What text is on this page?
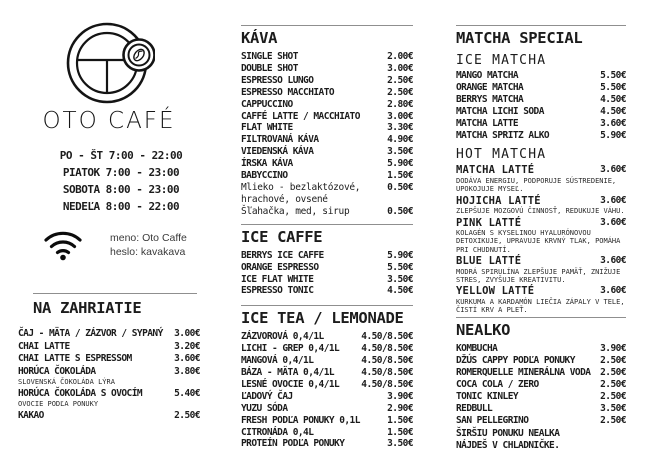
OTO CAFÉ
PO - ŠT 7:00 - 22:00
PIATOK 7:00 - 23:00
SOBOTA 8:00 - 23:00
NEDEĽA 8:00 - 22:00
meno: Oto Caffe
heslo: kavakava
NA ZAHRIATIE
ČAJ - MÄTA / ZÁZVOR / SYPANÝ	3.00€
CHAI LATTE	3.20€
CHAI LATTE S ESPRESSOM	3.60€
HORÚCA ČOKOLÁDA	3.80€
SLOVENSKÁ ČOKOLÁDA LÝRA
HORÚCA ČOKOLÁDA S OVOCÍM	5.40€
OVOCIE PODĽA PONUKY
KAKAO	2.50€
KÁVA
SINGLE SHOT	2.00€
DOUBLE SHOT	3.00€
ESPRESSO LUNGO	2.50€
ESPRESSO MACCHIATO	2.50€
CAPPUCCINO	2.80€
CAFFÉ LATTE / MACCHIATO	3.00€
FLAT WHITE	3.30€
FILTROVANÁ KÁVA	4.90€
VIEDENSKÁ KÁVA	3.50€
ÍRSKA KÁVA	5.90€
BABYCCINO	1.50€
Mlieko - bezlaktózové, hrachové, ovsené
0.50€
Šľahačka, med, sirup	0.50€
ICE CAFFE
BERRYS ICE CAFFE	5.90€
ORANGE ESPRESSO	5.50€
ICE FLAT WHITE	3.50€
ESPRESSO TONIC	4.50€
ICE TEA / LEMONADE
ZÁZVOROVÁ 0,4/1L	4.50/8.50€
LICHI - GREP 0,4/1L	4.50/8.50€
MANGOVÁ 0,4/1L	4.50/8.50€
BÁZA - MÄTA 0,4/1L	4.50/8.50€
LESNÉ OVOCIE 0,4/1L	4.50/8.50€
ĽADOVÝ ČAJ	3.90€
YUZU SÓDA	2.90€
FRESH PODĽA PONUKY 0,1L	1.50€
CITRONÁDA 0,4L	1.50€
PROTEÍN PODĽA PONUKY	3.50€
MATCHA SPECIAL
ICE MATCHA
MANGO MATCHA	5.50€
ORANGE MATCHA	5.50€
BERRYS MATCHA	4.50€
MATCHA LICHI SODA	4.50€
MATCHA LATTE	3.60€
MATCHA SPRITZ ALKO	5.90€
HOT MATCHA
MATCHA LATTÉ	3.60€
DODÁVA ENERGIU, PODPORUJE SÚSTREDENIE, UPOKOJUJE MYSEĽ.
HOJICHA LATTÉ	3.60€
ZLEPŠUJE MOZGOVÚ ČINNOSŤ, REDUKUJE VÁHU.
PINK LATTÉ	3.60€
KOLAGÉN S KYSELINOU HYALURÓNOVOU DETOXIKUJE, UPRAVUJE KRVNÝ TLAK, POMÁHA PRI CHUDNUTÍ.
BLUE LATTÉ	3.60€
MODRÁ SPIRULÍNA ZLEPŠUJE PAMÄŤ, ZNIŽUJE STRES, ZVYŠUJE KREATIVITU.
YELLOW LATTÉ	3.60€
KURKUMA A KARDAMÓN LIEČIA ZÁPALY V TELE, ČISTÍ KRV A PLEŤ.
NEALKO
KOMBUCHA	3.90€
DŽÚS CAPPY PODĽA PONUKY	2.50€
ROMERQUELLE MINERÁLNA VODA	2.50€
COCA COLA / ZERO	2.50€
TONIC KINLEY	2.50€
REDBULL	3.50€
SAN PELLEGRINO	2.50€
ŠIRŠIU PONUKU NEALKA
NÁJDEŠ V CHLADNIČKE.
